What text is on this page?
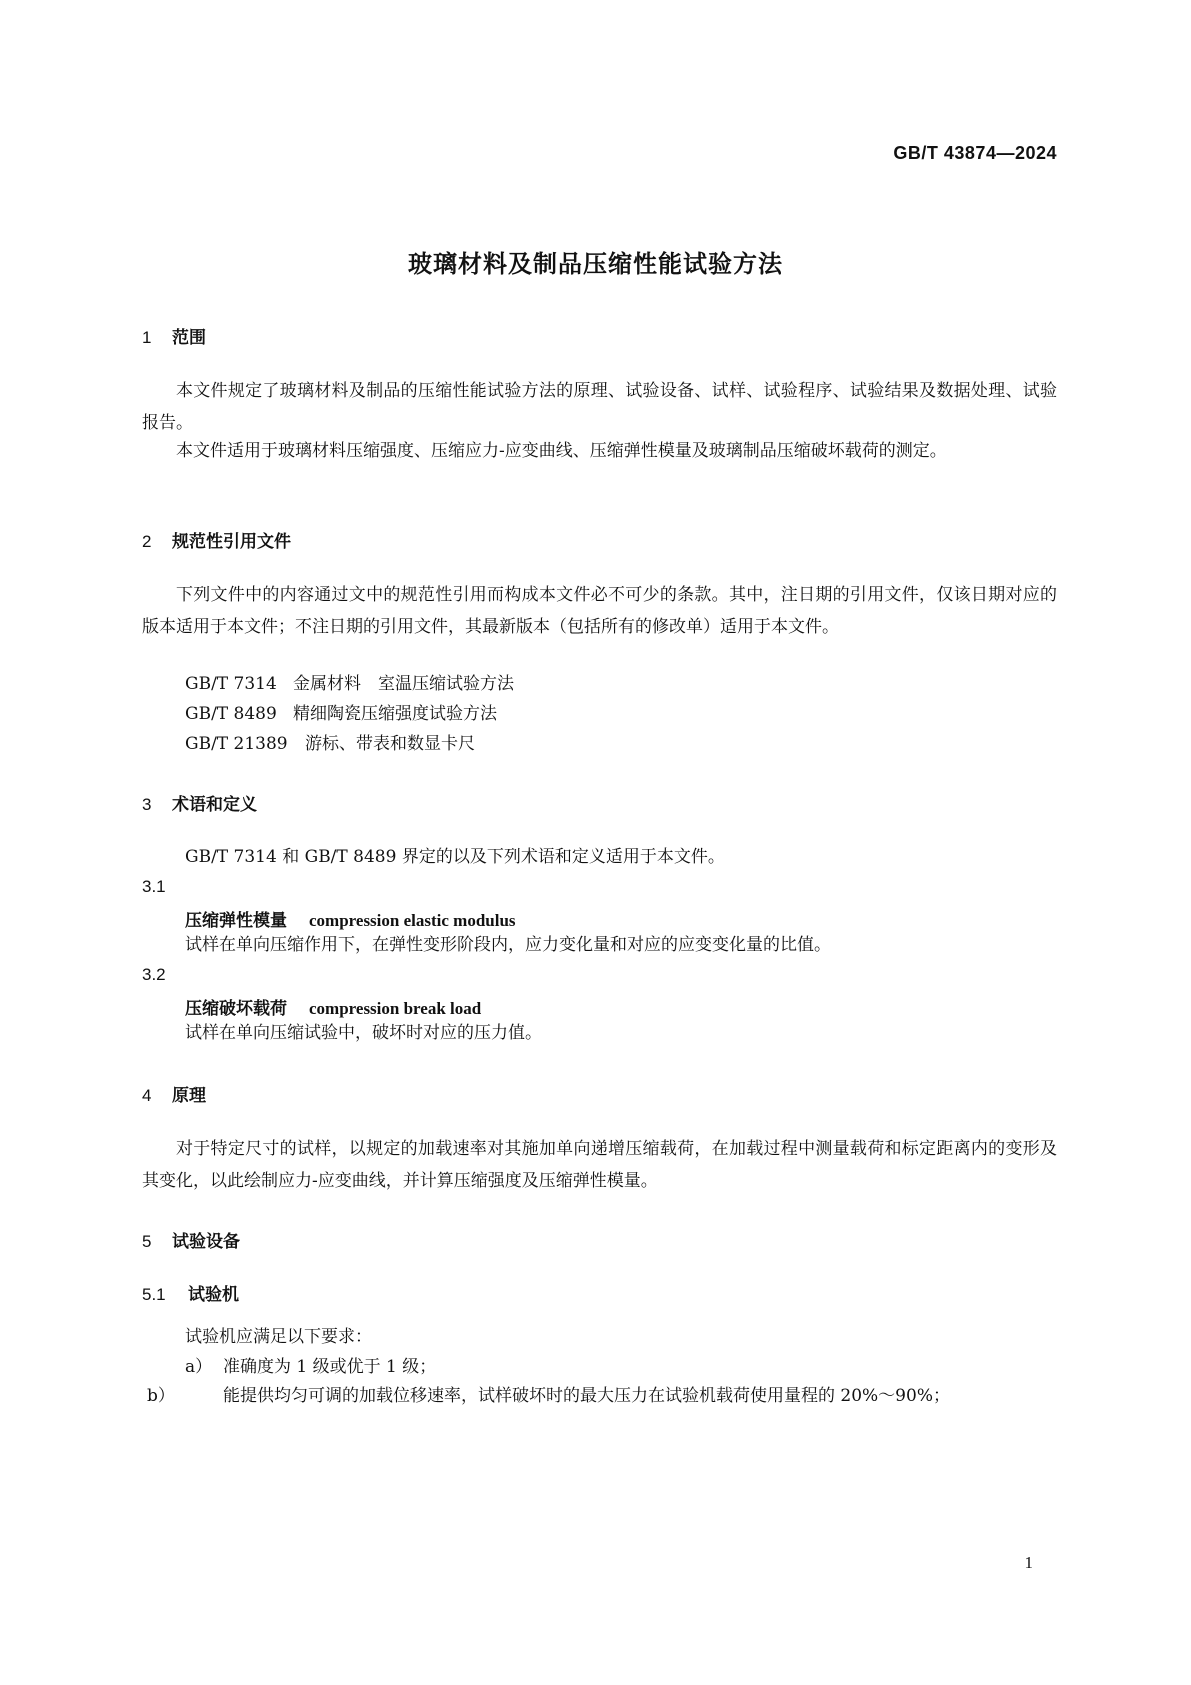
GB/T 43874—2024
玻璃材料及制品压缩性能试验方法
1 范围
本文件规定了玻璃材料及制品的压缩性能试验方法的原理、试验设备、试样、试验程序、试验结果及数据处理、试验报告。
本文件适用于玻璃材料压缩强度、压缩应力-应变曲线、压缩弹性模量及玻璃制品压缩破坏载荷的测定。
2 规范性引用文件
下列文件中的内容通过文中的规范性引用而构成本文件必不可少的条款。其中，注日期的引用文件，仅该日期对应的版本适用于本文件；不注日期的引用文件，其最新版本（包括所有的修改单）适用于本文件。
GB/T 7314 金属材料　室温压缩试验方法
GB/T 8489 精细陶瓷压缩强度试验方法
GB/T 21389 游标、带表和数显卡尺
3 术语和定义
GB/T 7314 和 GB/T 8489 界定的以及下列术语和定义适用于本文件。
3.1
压缩弹性模量 compression elastic modulus
试样在单向压缩作用下，在弹性变形阶段内，应力变化量和对应的应变变化量的比值。
3.2
压缩破坏载荷 compression break load
试样在单向压缩试验中，破坏时对应的压力值。
4 原理
对于特定尺寸的试样，以规定的加载速率对其施加单向递增压缩载荷，在加载过程中测量载荷和标定距离内的变形及其变化，以此绘制应力-应变曲线，并计算压缩强度及压缩弹性模量。
5 试验设备
5.1 试验机
试验机应满足以下要求：
a） 准确度为 1 级或优于 1 级；
b）	能提供均匀可调的加载位移速率，试样破坏时的最大压力在试验机载荷使用量程的 20%～90%；
1
